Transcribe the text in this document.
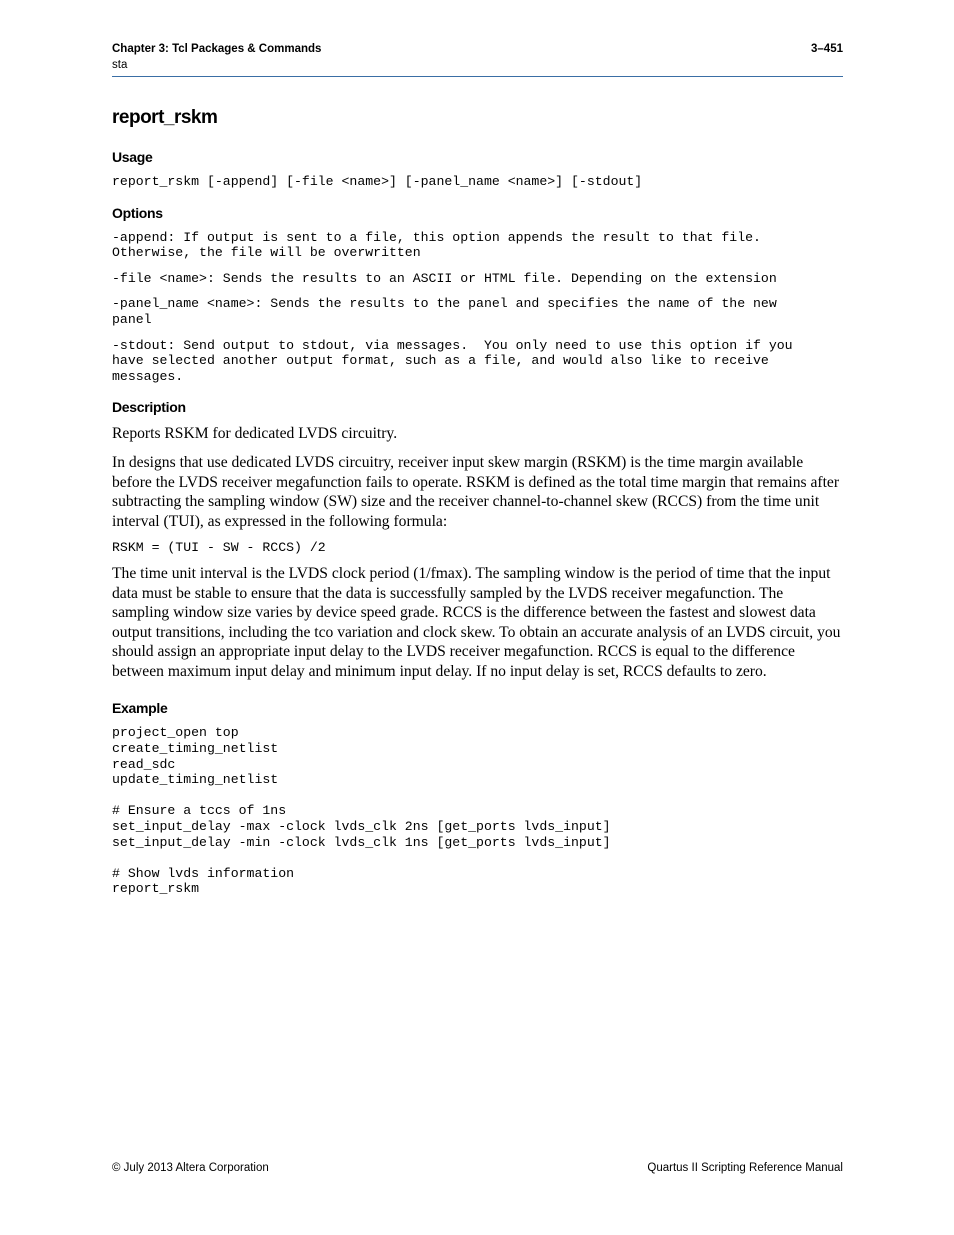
Chapter 3: Tcl Packages & Commands	3–451
sta
report_rskm
Usage
report_rskm [-append] [-file <name>] [-panel_name <name>] [-stdout]
Options
-append: If output is sent to a file, this option appends the result to that file.
Otherwise, the file will be overwritten
-file <name>: Sends the results to an ASCII or HTML file. Depending on the extension
-panel_name <name>: Sends the results to the panel and specifies the name of the new
panel
-stdout: Send output to stdout, via messages.  You only need to use this option if you
have selected another output format, such as a file, and would also like to receive
messages.
Description

Reports RSKM for dedicated LVDS circuitry.

In designs that use dedicated LVDS circuitry, receiver input skew margin (RSKM) is the time margin available before the LVDS receiver megafunction fails to operate. RSKM is defined as the total time margin that remains after subtracting the sampling window (SW) size and the receiver channel-to-channel skew (RCCS) from the time unit interval (TUI), as expressed in the following formula:

RSKM = (TUI - SW - RCCS) /2

The time unit interval is the LVDS clock period (1/fmax). The sampling window is the period of time that the input data must be stable to ensure that the data is successfully sampled by the LVDS receiver megafunction. The sampling window size varies by device speed grade. RCCS is the difference between the fastest and slowest data output transitions, including the tco variation and clock skew. To obtain an accurate analysis of an LVDS circuit, you should assign an appropriate input delay to the LVDS receiver megafunction. RCCS is equal to the difference between maximum input delay and minimum input delay. If no input delay is set, RCCS defaults to zero.

Example
project_open top
create_timing_netlist
read_sdc
update_timing_netlist

# Ensure a tccs of 1ns
set_input_delay -max -clock lvds_clk 2ns [get_ports lvds_input]
set_input_delay -min -clock lvds_clk 1ns [get_ports lvds_input]

# Show lvds information
report_rskm
© July 2013 Altera Corporation	Quartus II Scripting Reference Manual
